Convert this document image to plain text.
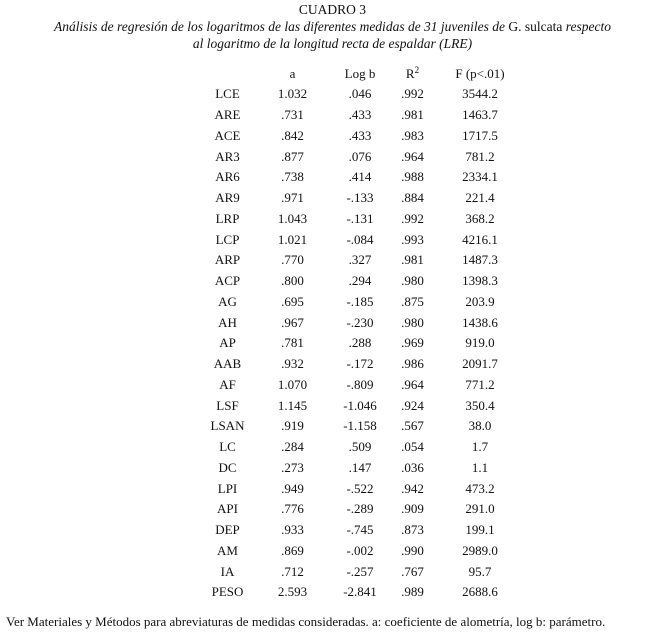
CUADRO 3
Análisis de regresión de los logaritmos de las diferentes medidas de 31 juveniles de G. sulcata respecto
al logaritmo de la longitud recta de espaldar (LRE)
	a	Log b	$R^2$	F (p<.01)
LCE	1.032	.046	.992	3544.2
ARE	.731	.433	.981	1463.7
ACE	.842	.433	.983	1717.5
AR3	.877	.076	.964	781.2
AR6	.738	.414	.988	2334.1
AR9	.971	-.133	.884	221.4
LRP	1.043	-.131	.992	368.2
LCP	1.021	-.084	.993	4216.1
ARP	.770	.327	.981	1487.3
ACP	.800	.294	.980	1398.3
AG	.695	-.185	.875	203.9
AH	.967	-.230	.980	1438.6
AP	.781	.288	.969	919.0
AAB	.932	-.172	.986	2091.7
AF	1.070	-.809	.964	771.2
LSF	1.145	-1.046	.924	350.4
LSAN	.919	-1.158	.567	38.0
LC	.284	.509	.054	1.7
DC	.273	.147	.036	1.1
LPI	.949	-.522	.942	473.2
API	.776	-.289	.909	291.0
DEP	.933	-.745	.873	199.1
AM	.869	-.002	.990	2989.0
IA	.712	-.257	.767	95.7
PESO	2.593	-2.841	.989	2688.6
Ver Materiales y Métodos para abreviaturas de medidas consideradas. a: coeficiente de alometría, log b: parámetro.
